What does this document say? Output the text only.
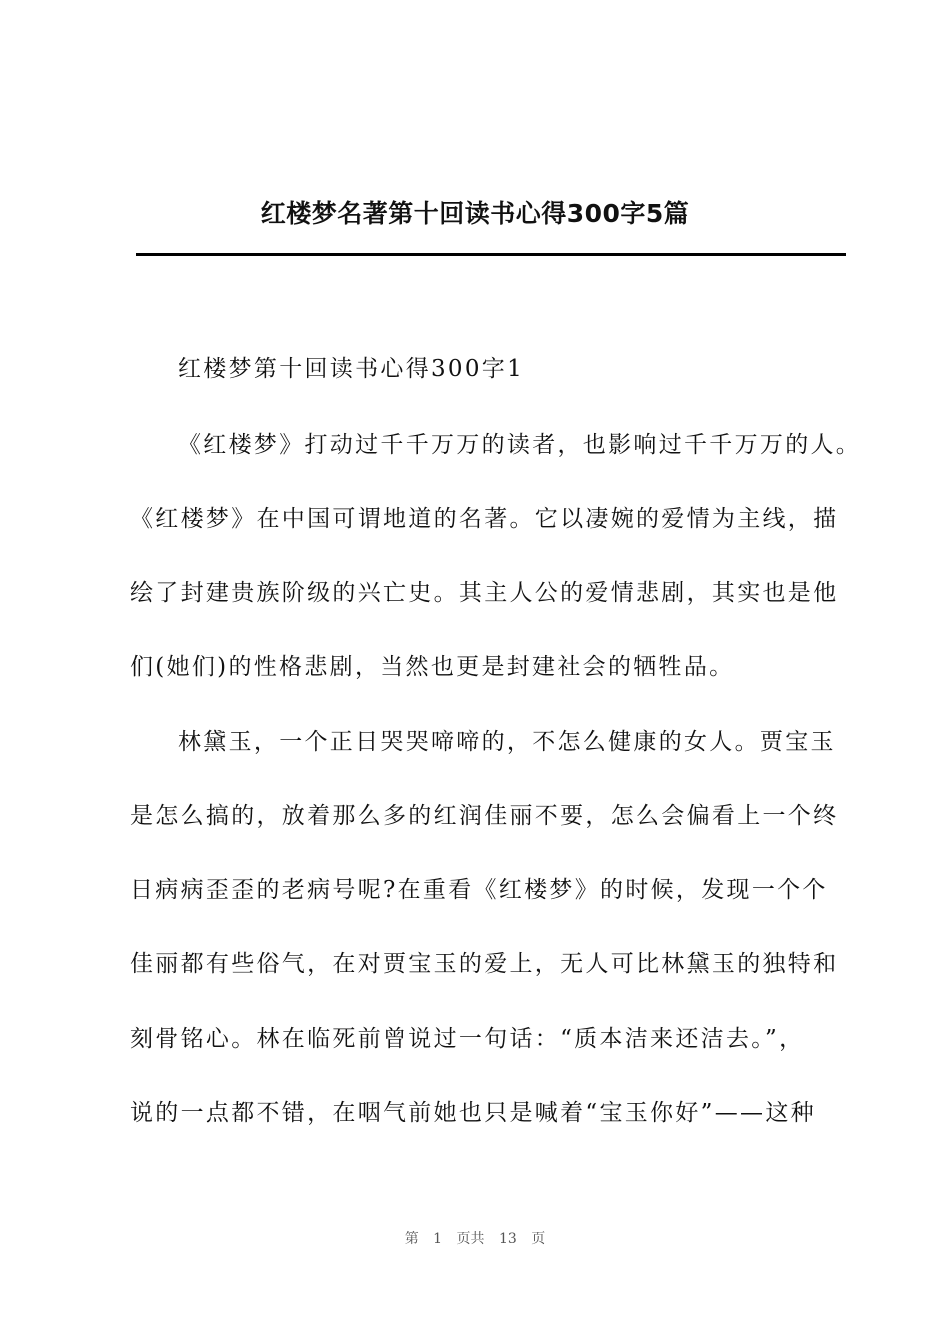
红楼梦名著第十回读书心得300字5篇
红楼梦第十回读书心得300字1
《红楼梦》打动过千千万万的读者，也影响过千千万万的人。
《红楼梦》在中国可谓地道的名著。它以凄婉的爱情为主线，描
绘了封建贵族阶级的兴亡史。其主人公的爱情悲剧，其实也是他
们(她们)的性格悲剧，当然也更是封建社会的牺牲品。
林黛玉，一个正日哭哭啼啼的，不怎么健康的女人。贾宝玉
是怎么搞的，放着那么多的红润佳丽不要，怎么会偏看上一个终
日病病歪歪的老病号呢?在重看《红楼梦》的时候，发现一个个
佳丽都有些俗气，在对贾宝玉的爱上，无人可比林黛玉的独特和
刻骨铭心。林在临死前曾说过一句话：“质本洁来还洁去。”，
说的一点都不错，在咽气前她也只是喊着“宝玉你好”——这种
第 1 页共 13 页
